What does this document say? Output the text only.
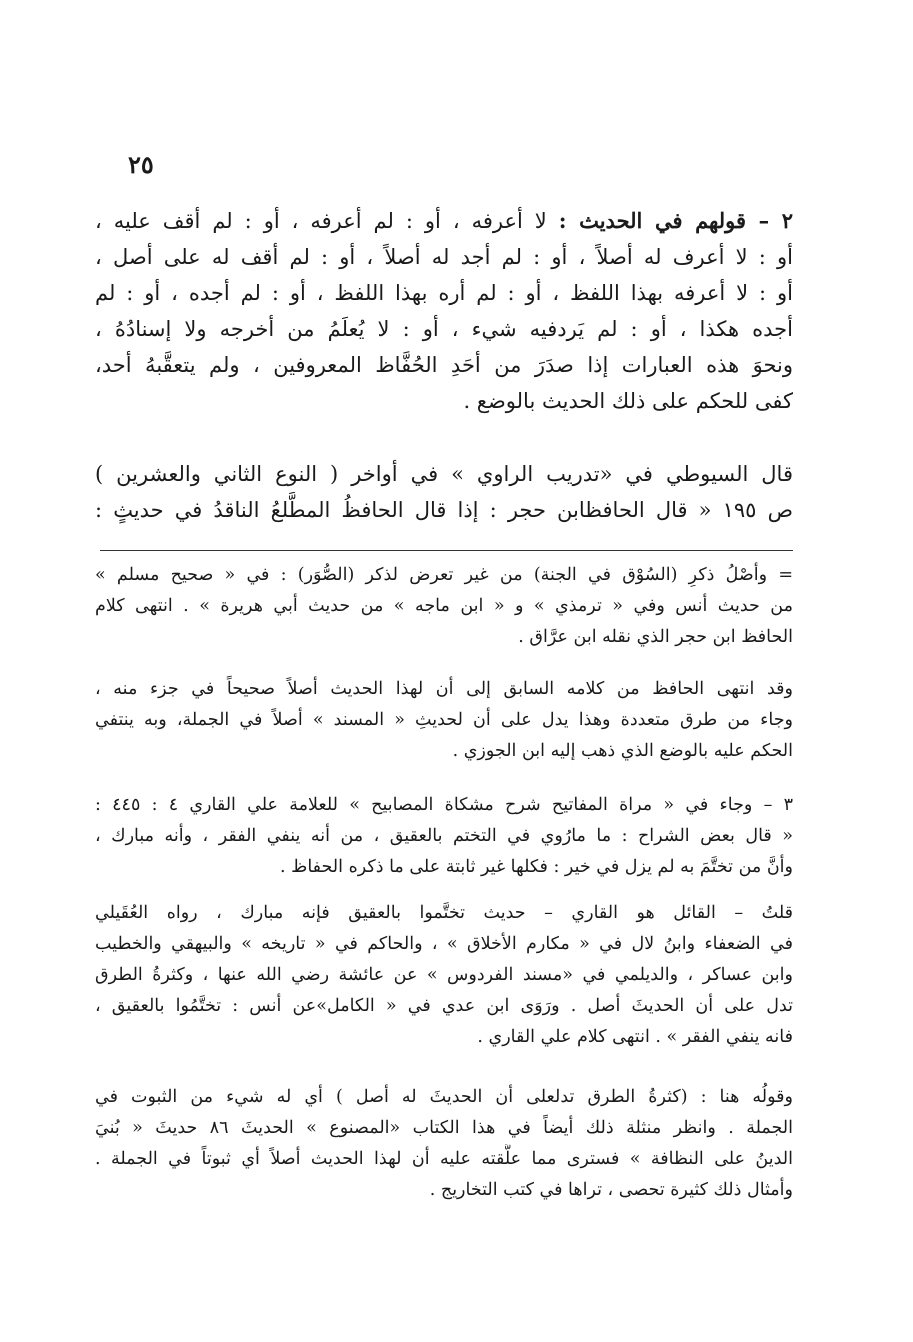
٢٥
٢ – قولهم في الحديث : لا أعرفه ، أو : لم أعرفه ، أو : لم أقف عليه ،
أو : لا أعرف له أصلاً ، أو : لم أجد له أصلاً ، أو : لم أقف له على أصل ،
أو : لا أعرفه بهذا اللفظ ، أو : لم أره بهذا اللفظ ، أو : لم أجده ، أو : لم
أجده هكذا ، أو : لم يَردفيه شيء ، أو : لا يُعلَمُ من أخرجه ولا إسنادُهُ ،
ونحوَ هذه العبارات إذا صدَرَ من أحَدِ الحُفَّاظ المعروفين ، ولم يتعقَّبهُ أحد،
كفى للحكم على ذلك الحديث بالوضع .
قال السيوطي في «تدريب الراوي » في أواخر ( النوع الثاني والعشرين )
ص ١٩٥ « قال الحافظابن حجر : إذا قال الحافظُ المطَّلعُ الناقدُ في حديثٍ :
= وأصْلُ ذكرِ (السُوْق في الجنة) من غير تعرض لذكر (الصُّوَر) : في « صحيح مسلم »
من حديث أنس وفي « ترمذي » و « ابن ماجه » من حديث أبي هريرة » . انتهى كلام
الحافظ ابن حجر الذي نقله ابن عرَّاق .
وقد انتهى الحافظ من كلامه السابق إلى أن لهذا الحديث أصلاً صحيحاً في جزء منه ،
وجاء من طرق متعددة وهذا يدل على أن لحديثِ « المسند » أصلاً في الجملة، وبه ينتفي
الحكم عليه بالوضع الذي ذهب إليه ابن الجوزي .
٣ – وجاء في « مراة المفاتيح شرح مشكاة المصابيح » للعلامة علي القاري ٤ : ٤٤٥ :
« قال بعض الشراح : ما مارُوي في التختم بالعقيق ، من أنه ينفي الفقر ، وأنه مبارك ،
وأنَّ من تختَّمَ به لم يزل في خير : فكلها غير ثابتة على ما ذكره الحفاظ .
قلتُ – القائل هو القاري – حديث تختَّموا بالعقيق فإنه مبارك ، رواه العُقَيلي
في الضعفاء وابنُ لال في « مكارم الأخلاق » ، والحاكم في « تاريخه » والبيهقي والخطيب
وابن عساكر ، والديلمي في «مسند الفردوس » عن عائشة رضي الله عنها ، وكثرةُ الطرق
تدل على أن الحديثَ أصل . ورَوَى ابن عدي في « الكامل»عن أنس : تختَّمُوا بالعقيق ،
فانه ينفي الفقر » . انتهى كلام علي القاري .
وقولُه هنا : (كثرةُ الطرق تدلعلى أن الحديثَ له أصل ) أي له شيء من الثبوت في
الجملة . وانظر منثلة ذلك أيضاً في هذا الكتاب «المصنوع » الحديثَ ٨٦ حديثَ « بُنيَ
الدينُ على النظافة » فسترى مما علَّقته عليه أن لهذا الحديث أصلاً أي ثبوتاً في الجملة .
وأمثال ذلك كثيرة تحصى ، تراها في كتب التخاريج .
